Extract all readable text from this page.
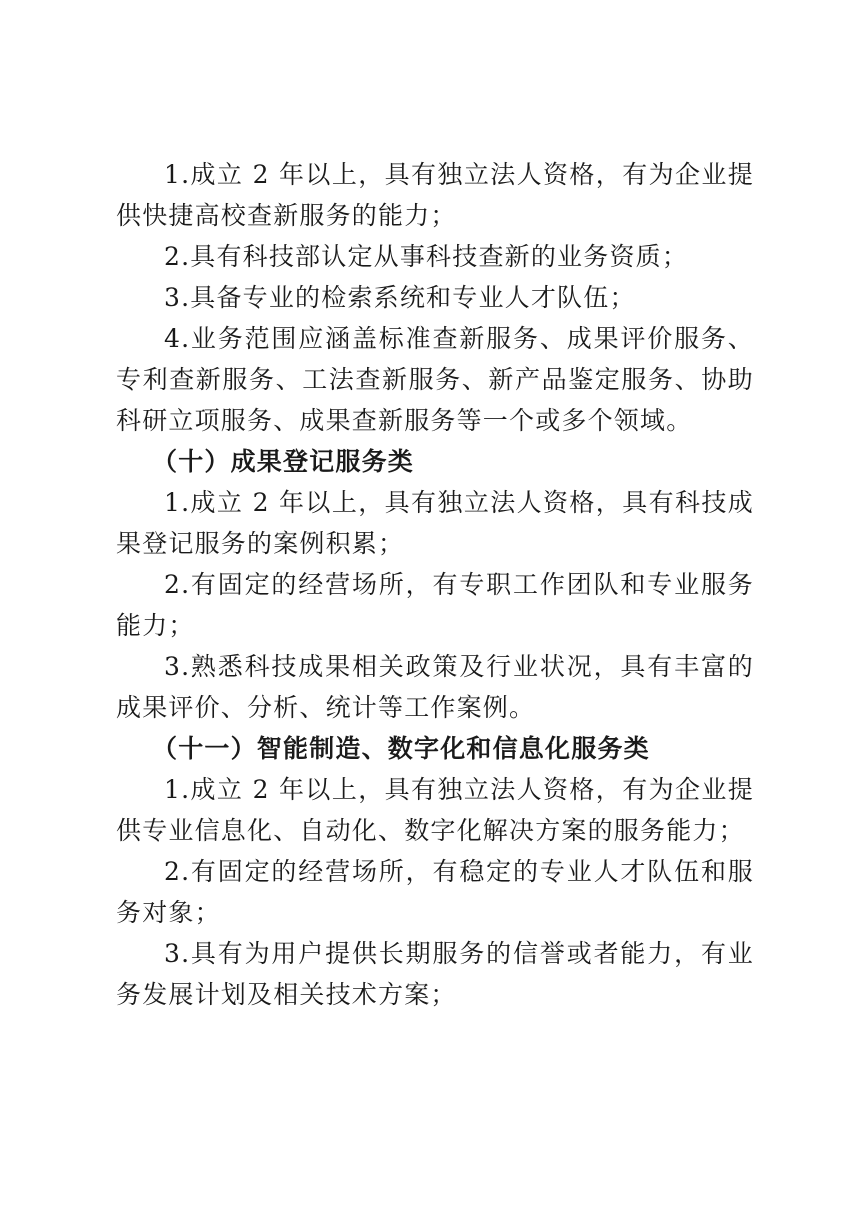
1.成立 2 年以上，具有独立法人资格，有为企业提供快捷高校查新服务的能力；

2.具有科技部认定从事科技查新的业务资质；

3.具备专业的检索系统和专业人才队伍；

4.业务范围应涵盖标准查新服务、成果评价服务、专利查新服务、工法查新服务、新产品鉴定服务、协助科研立项服务、成果查新服务等一个或多个领域。

（十）成果登记服务类

1.成立 2 年以上，具有独立法人资格，具有科技成果登记服务的案例积累；

2.有固定的经营场所，有专职工作团队和专业服务能力；

3.熟悉科技成果相关政策及行业状况，具有丰富的成果评价、分析、统计等工作案例。

（十一）智能制造、数字化和信息化服务类

1.成立 2 年以上，具有独立法人资格，有为企业提供专业信息化、自动化、数字化解决方案的服务能力；

2.有固定的经营场所，有稳定的专业人才队伍和服务对象；

3.具有为用户提供长期服务的信誉或者能力，有业务发展计划及相关技术方案；
